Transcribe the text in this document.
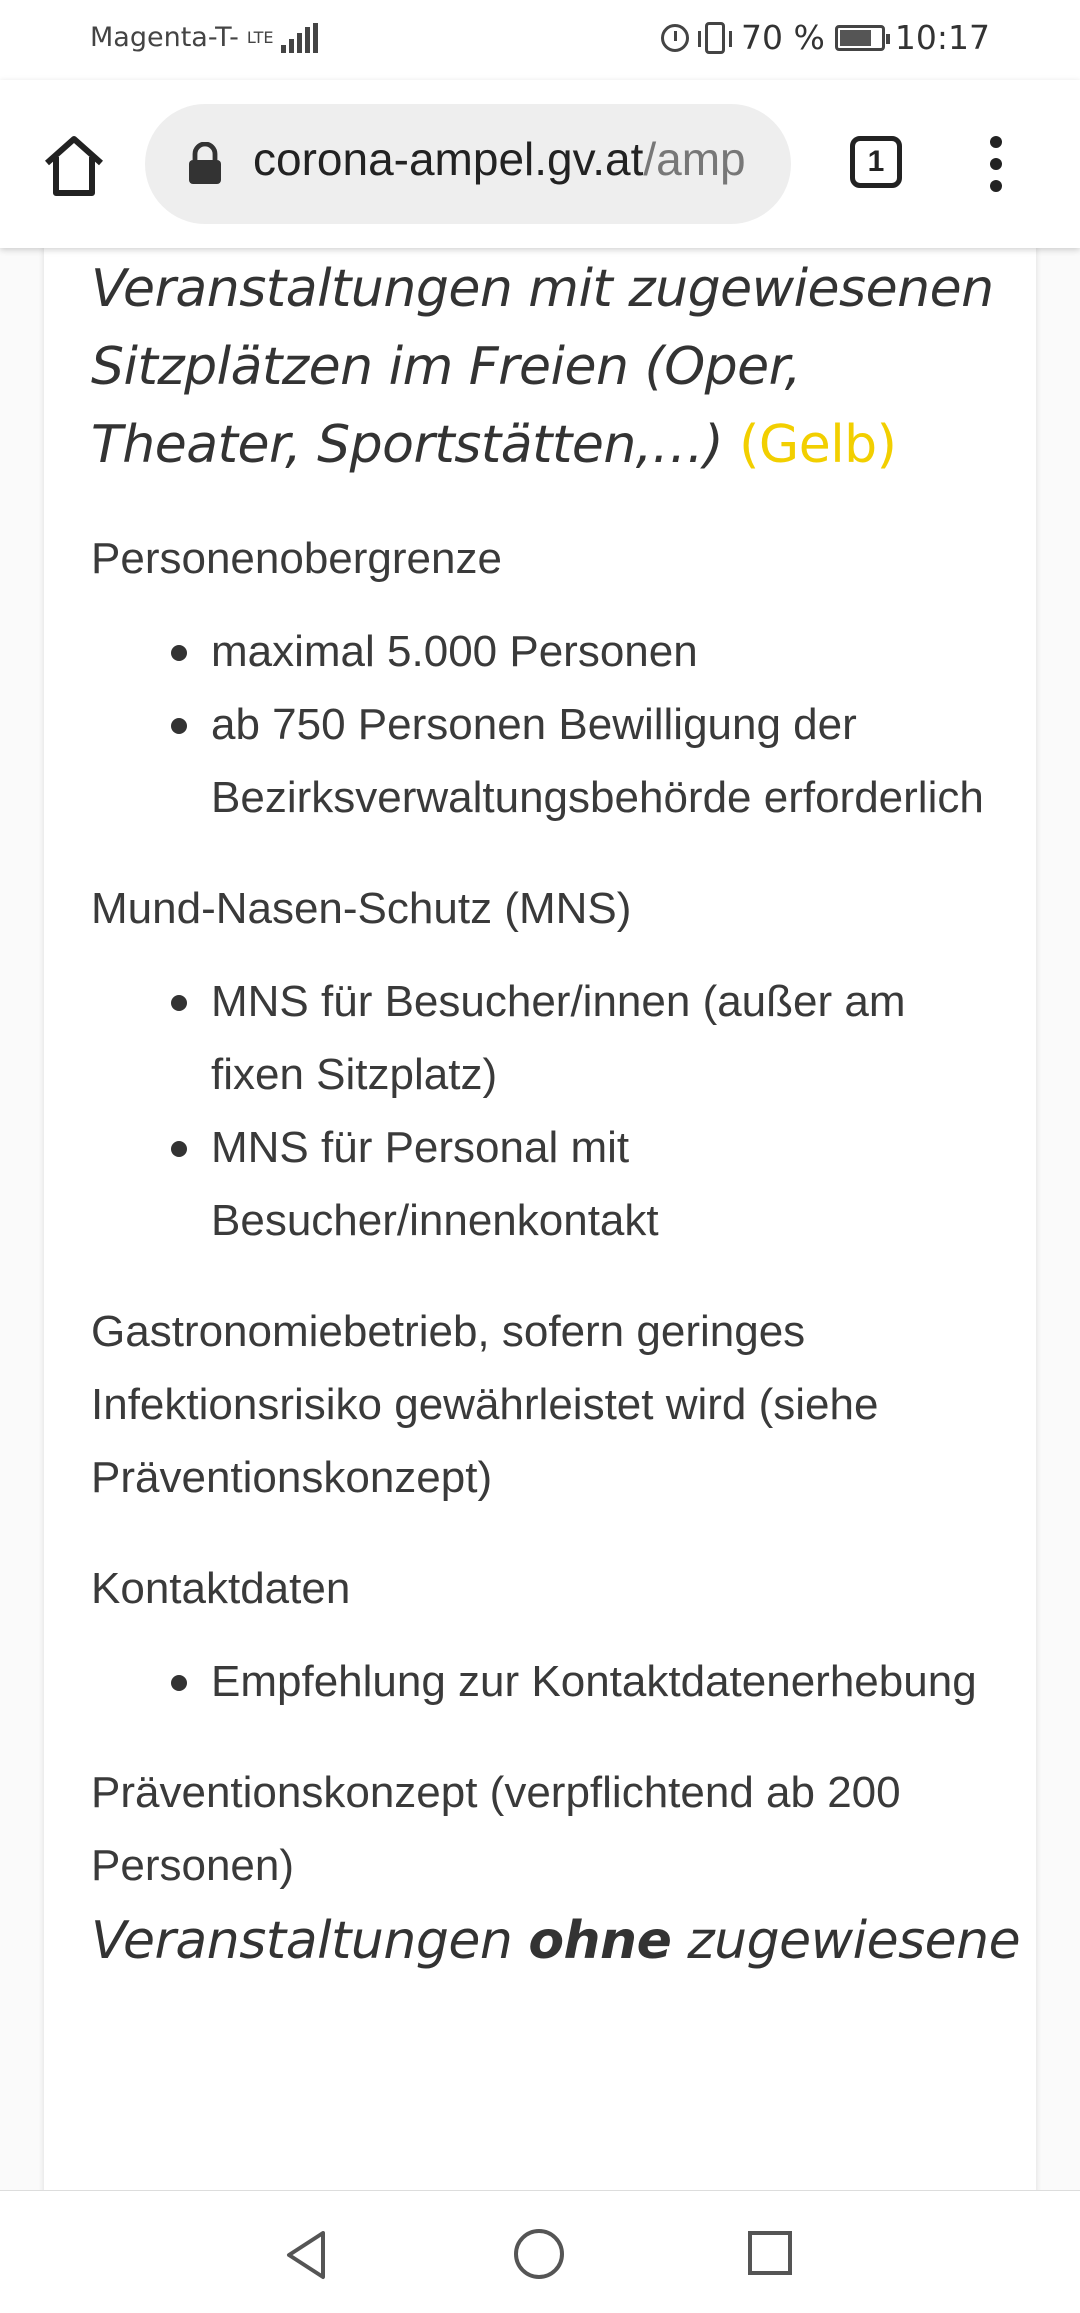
Magenta-T- LTE	70 % 10:17
corona-ampel.gv.at/amp	1
Veranstaltungen mit zugewiesenen Sitzplätzen im Freien (Oper, Theater, Sportstätten,…) (Gelb)

Personenobergrenze

maximal 5.000 Personen
ab 750 Personen Bewilligung der Bezirksverwaltungsbehörde erforderlich

Mund-Nasen-Schutz (MNS)

MNS für Besucher/innen (außer am fixen Sitzplatz)
MNS für Personal mit Besucher/innenkontakt

Gastronomiebetrieb, sofern geringes Infektionsrisiko gewährleistet wird (siehe Präventionskonzept)

Kontaktdaten

Empfehlung zur Kontaktdatenerhebung

Präventionskonzept (verpflichtend ab 200 Personen)

Veranstaltungen ohne zugewiesene
